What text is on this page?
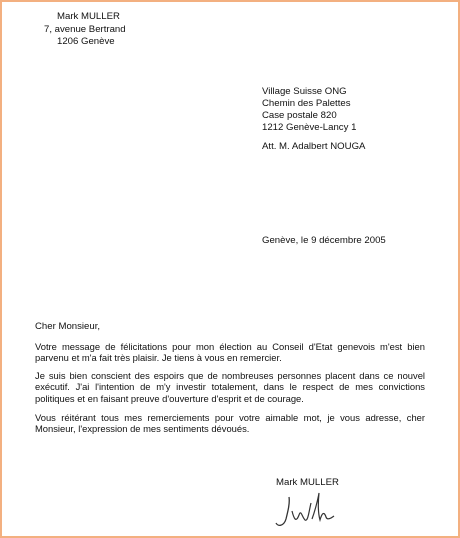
Mark MULLER
7, avenue Bertrand
1206 Genève
Village Suisse ONG
Chemin des Palettes
Case postale 820
1212 Genève-Lancy 1
Att. M. Adalbert NOUGA
Genève, le 9 décembre 2005
Cher Monsieur,
Votre message de félicitations pour mon élection au Conseil d'Etat genevois m'est bien parvenu et m'a fait très plaisir. Je tiens à vous en remercier.
Je suis bien conscient des espoirs que de nombreuses personnes placent dans ce nouvel exécutif. J'ai l'intention de m'y investir totalement, dans le respect de mes convictions politiques et en faisant preuve d'ouverture d'esprit et de courage.
Vous réitérant tous mes remerciements pour votre aimable mot, je vous adresse, cher Monsieur, l'expression de mes sentiments dévoués.
Mark MULLER
